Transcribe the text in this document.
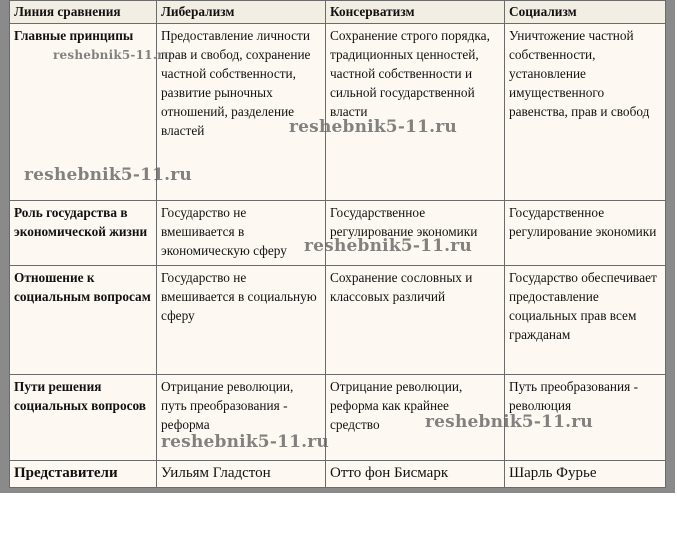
Линия сравнения	Либерализм	Консерватизм	Социализм
Главные принципы	Предоставление личности прав и свобод, сохранение частной собственности, развитие рыночных отношений, разделение властей	Сохранение строго порядка, традиционных ценностей, частной собственности и сильной государственной власти	Уничтожение частной собственности, установление имущественного равенства, прав и свобод
Роль государства в экономической жизни	Государство не вмешивается в экономическую сферу	Государственное регулирование экономики	Государственное регулирование экономики
Отношение к социальным вопросам	Государство не вмешивается в социальную сферу	Сохранение сословных и классовых различий	Государство обеспечивает предоставление социальных прав всем гражданам
Пути решения социальных вопросов	Отрицание революции, путь преобразования - реформа	Отрицание революции, реформа как крайнее средство	Путь преобразования - революция
Представители	Уильям Гладстон	Отто фон Бисмарк	Шарль Фурье
reshebnik5-11.ru
reshebnik5-11.ru
reshebnik5-11.ru
reshebnik5-11.ru
reshebnik5-11.ru
reshebnik5-11.ru
